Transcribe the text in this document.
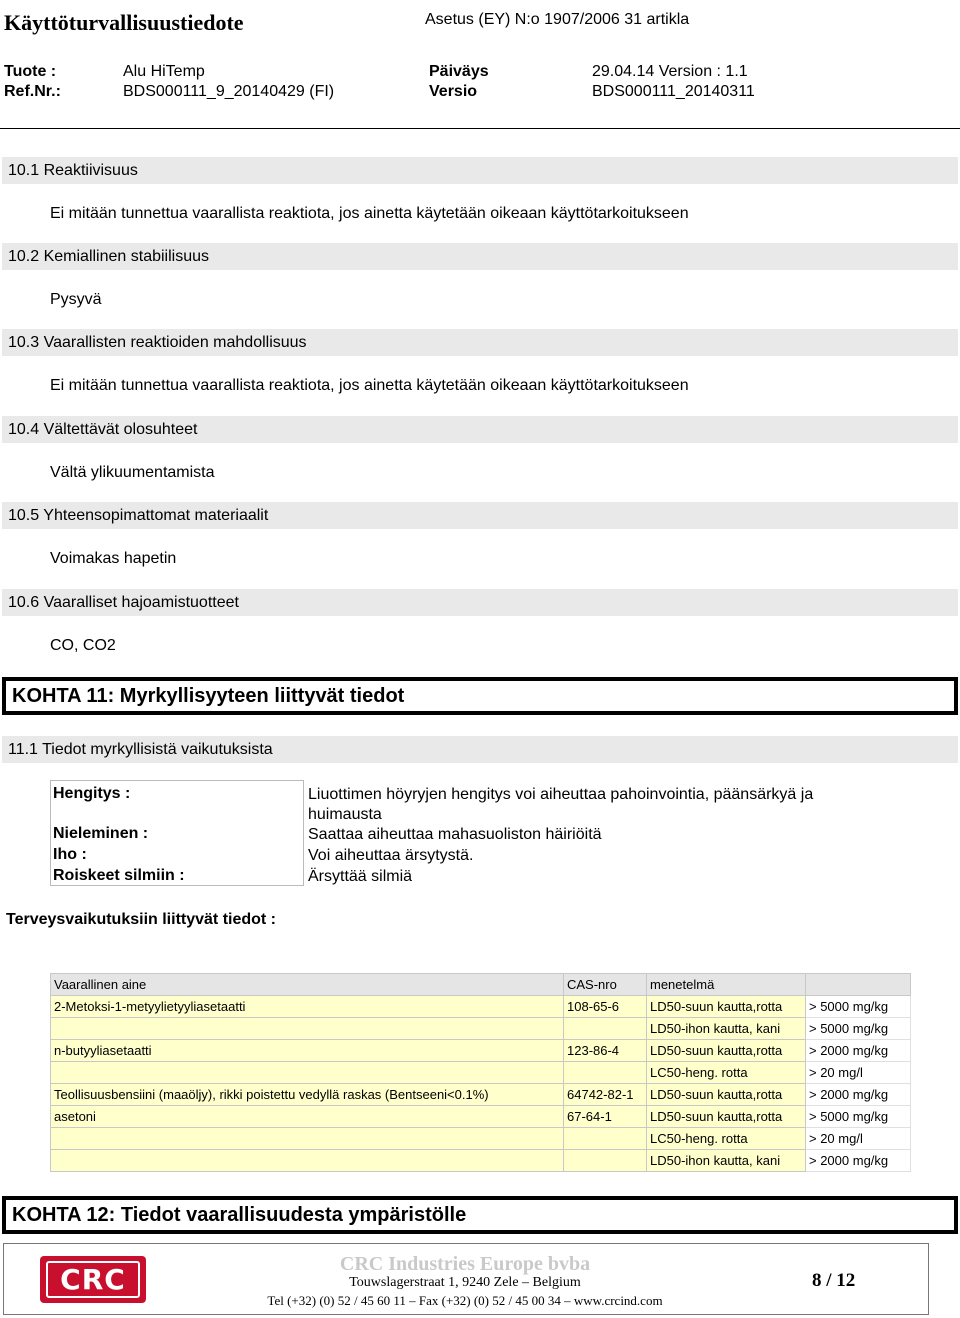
Käyttöturvallisuustiedote	Asetus (EY) N:o 1907/2006 31 artikla
Tuote :	Alu HiTemp	Päiväys	29.04.14 Version : 1.1
Ref.Nr.:	BDS000111_9_20140429 (FI)	Versio	BDS000111_20140311
10.1 Reaktiivisuus
Ei mitään tunnettua vaarallista reaktiota, jos ainetta käytetään oikeaan käyttötarkoitukseen
10.2 Kemiallinen stabiilisuus
Pysyvä
10.3 Vaarallisten reaktioiden mahdollisuus
Ei mitään tunnettua vaarallista reaktiota, jos ainetta käytetään oikeaan käyttötarkoitukseen
10.4 Vältettävät olosuhteet
Vältä ylikuumentamista
10.5 Yhteensopimattomat materiaalit
Voimakas hapetin
10.6 Vaaralliset hajoamistuotteet
CO, CO2
KOHTA 11: Myrkyllisyyteen liittyvät tiedot
11.1 Tiedot myrkyllisistä vaikutuksista
Hengitys :	Liuottimen höyryjen hengitys voi aiheuttaa pahoinvointia, päänsärkyä ja huimausta
Nieleminen :	Saattaa aiheuttaa mahasuoliston häiriöitä
Iho :	Voi aiheuttaa ärsytystä.
Roiskeet silmiin :	Ärsyttää silmiä
Terveysvaikutuksiin liittyvät tiedot :
Vaarallinen aine	CAS-nro	menetelmä	
2-Metoksi-1-metyylietyyliasetaatti	108-65-6	LD50-suun kautta,rotta	> 5000 mg/kg
		LD50-ihon kautta, kani	> 5000 mg/kg
n-butyyliasetaatti	123-86-4	LD50-suun kautta,rotta	> 2000 mg/kg
		LC50-heng. rotta	> 20 mg/l
Teollisuusbensiini (maaöljy), rikki poistettu vedyllä raskas (Bentseeni<0.1%)	64742-82-1	LD50-suun kautta,rotta	> 2000 mg/kg
asetoni	67-64-1	LD50-suun kautta,rotta	> 5000 mg/kg
		LC50-heng. rotta	> 20 mg/l
		LD50-ihon kautta, kani	> 2000 mg/kg
KOHTA 12: Tiedot vaarallisuudesta ympäristölle
CRC	CRC Industries Europe bvba
Touwslagerstraat 1, 9240 Zele – Belgium
Tel (+32) (0) 52 / 45 60 11 – Fax (+32) (0) 52 / 45 00 34 – www.crcind.com
8 / 12
